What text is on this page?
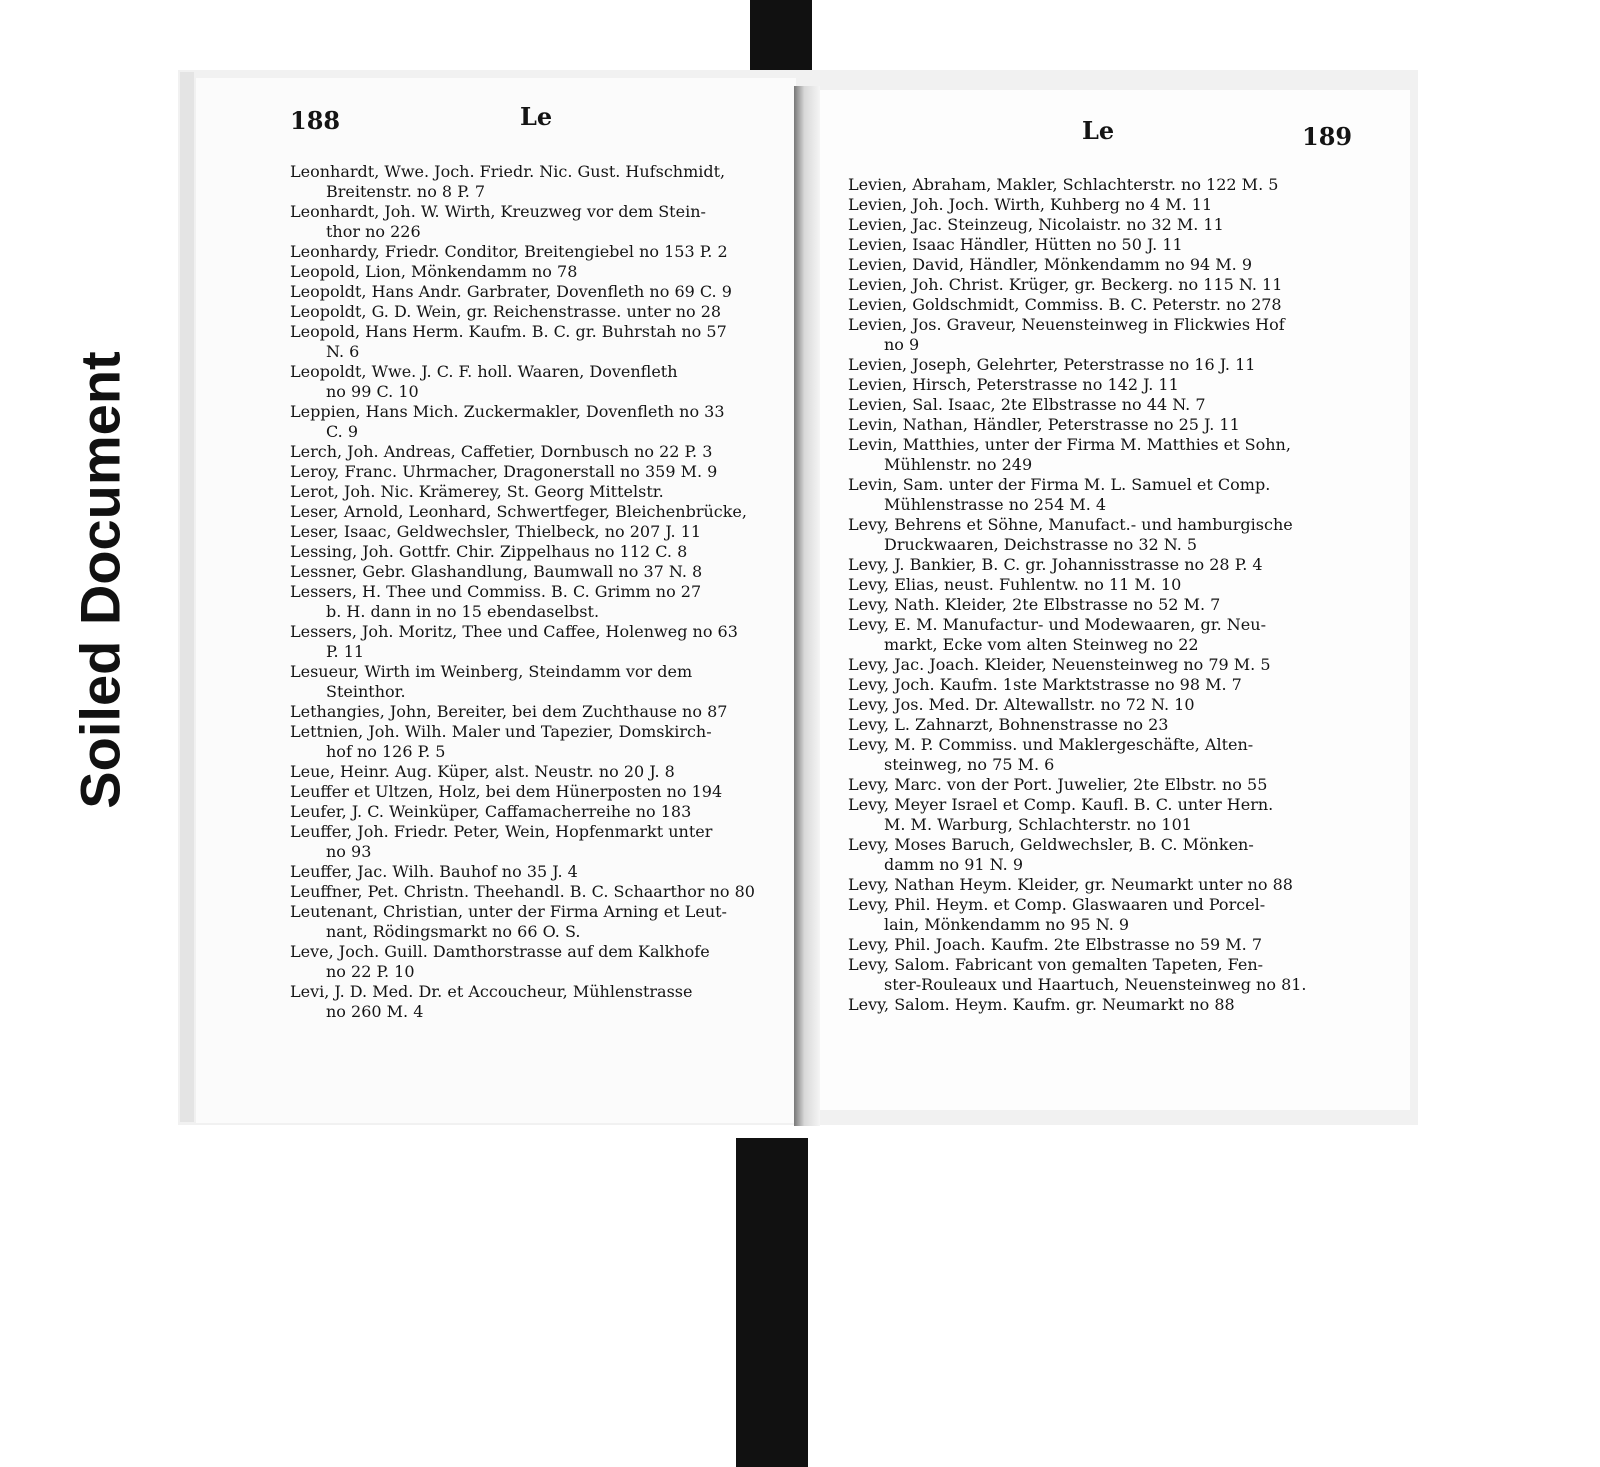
Soiled Document
188	Le	Le	189
Leonhardt, Wwe. Joch. Friedr. Nic. Gust. Hufschmidt,
Breitenstr. no 8 P. 7
Leonhardt, Joh. W. Wirth, Kreuzweg vor dem Stein-
thor no 226
Leonhardy, Friedr. Conditor, Breitengiebel no 153 P. 2
Leopold, Lion, Mönkendamm no 78
Leopoldt, Hans Andr. Garbrater, Dovenfleth no 69 C. 9
Leopoldt, G. D. Wein, gr. Reichenstrasse. unter no 28
Leopold, Hans Herm. Kaufm. B. C. gr. Buhrstah no 57
N. 6
Leopoldt, Wwe. J. C. F. holl. Waaren, Dovenfleth
no 99 C. 10
Leppien, Hans Mich. Zuckermakler, Dovenfleth no 33
C. 9
Lerch, Joh. Andreas, Caffetier, Dornbusch no 22 P. 3
Leroy, Franc. Uhrmacher, Dragonerstall no 359 M. 9
Lerot, Joh. Nic. Krämerey, St. Georg Mittelstr.
Leser, Arnold, Leonhard, Schwertfeger, Bleichenbrücke,
Leser, Isaac, Geldwechsler, Thielbeck, no 207 J. 11
Lessing, Joh. Gottfr. Chir. Zippelhaus no 112 C. 8
Lessner, Gebr. Glashandlung, Baumwall no 37 N. 8
Lessers, H. Thee und Commiss. B. C. Grimm no 27
b. H. dann in no 15 ebendaselbst.
Lessers, Joh. Moritz, Thee und Caffee, Holenweg no 63
P. 11
Lesueur, Wirth im Weinberg, Steindamm vor dem
Steinthor.
Lethangies, John, Bereiter, bei dem Zuchthause no 87
Lettnien, Joh. Wilh. Maler und Tapezier, Domskirch-
hof no 126 P. 5
Leue, Heinr. Aug. Küper, alst. Neustr. no 20 J. 8
Leuffer et Ultzen, Holz, bei dem Hünerposten no 194
Leufer, J. C. Weinküper, Caffamacherreihe no 183
Leuffer, Joh. Friedr. Peter, Wein, Hopfenmarkt unter
no 93
Leuffer, Jac. Wilh. Bauhof no 35 J. 4
Leuffner, Pet. Christn. Theehandl. B. C. Schaarthor no 80
Leutenant, Christian, unter der Firma Arning et Leut-
nant, Rödingsmarkt no 66 O. S.
Leve, Joch. Guill. Damthorstrasse auf dem Kalkhofe
no 22 P. 10
Levi, J. D. Med. Dr. et Accoucheur, Mühlenstrasse
no 260 M. 4
Levien, Abraham, Makler, Schlachterstr. no 122 M. 5
Levien, Joh. Joch. Wirth, Kuhberg no 4 M. 11
Levien, Jac. Steinzeug, Nicolaistr. no 32 M. 11
Levien, Isaac Händler, Hütten no 50 J. 11
Levien, David, Händler, Mönkendamm no 94 M. 9
Levien, Joh. Christ. Krüger, gr. Beckerg. no 115 N. 11
Levien, Goldschmidt, Commiss. B. C. Peterstr. no 278
Levien, Jos. Graveur, Neuensteinweg in Flickwies Hof
no 9
Levien, Joseph, Gelehrter, Peterstrasse no 16 J. 11
Levien, Hirsch, Peterstrasse no 142 J. 11
Levien, Sal. Isaac, 2te Elbstrasse no 44 N. 7
Levin, Nathan, Händler, Peterstrasse no 25 J. 11
Levin, Matthies, unter der Firma M. Matthies et Sohn,
Mühlenstr. no 249
Levin, Sam. unter der Firma M. L. Samuel et Comp.
Mühlenstrasse no 254 M. 4
Levy, Behrens et Söhne, Manufact.- und hamburgische
Druckwaaren, Deichstrasse no 32 N. 5
Levy, J. Bankier, B. C. gr. Johannisstrasse no 28 P. 4
Levy, Elias, neust. Fuhlentw. no 11 M. 10
Levy, Nath. Kleider, 2te Elbstrasse no 52 M. 7
Levy, E. M. Manufactur- und Modewaaren, gr. Neu-
markt, Ecke vom alten Steinweg no 22
Levy, Jac. Joach. Kleider, Neuensteinweg no 79 M. 5
Levy, Joch. Kaufm. 1ste Marktstrasse no 98 M. 7
Levy, Jos. Med. Dr. Altewallstr. no 72 N. 10
Levy, L. Zahnarzt, Bohnenstrasse no 23
Levy, M. P. Commiss. und Maklergeschäfte, Alten-
steinweg, no 75 M. 6
Levy, Marc. von der Port. Juwelier, 2te Elbstr. no 55
Levy, Meyer Israel et Comp. Kaufl. B. C. unter Hern.
M. M. Warburg, Schlachterstr. no 101
Levy, Moses Baruch, Geldwechsler, B. C. Mönken-
damm no 91 N. 9
Levy, Nathan Heym. Kleider, gr. Neumarkt unter no 88
Levy, Phil. Heym. et Comp. Glaswaaren und Porcel-
lain, Mönkendamm no 95 N. 9
Levy, Phil. Joach. Kaufm. 2te Elbstrasse no 59 M. 7
Levy, Salom. Fabricant von gemalten Tapeten, Fen-
ster-Rouleaux und Haartuch, Neuensteinweg no 81.
Levy, Salom. Heym. Kaufm. gr. Neumarkt no 88
